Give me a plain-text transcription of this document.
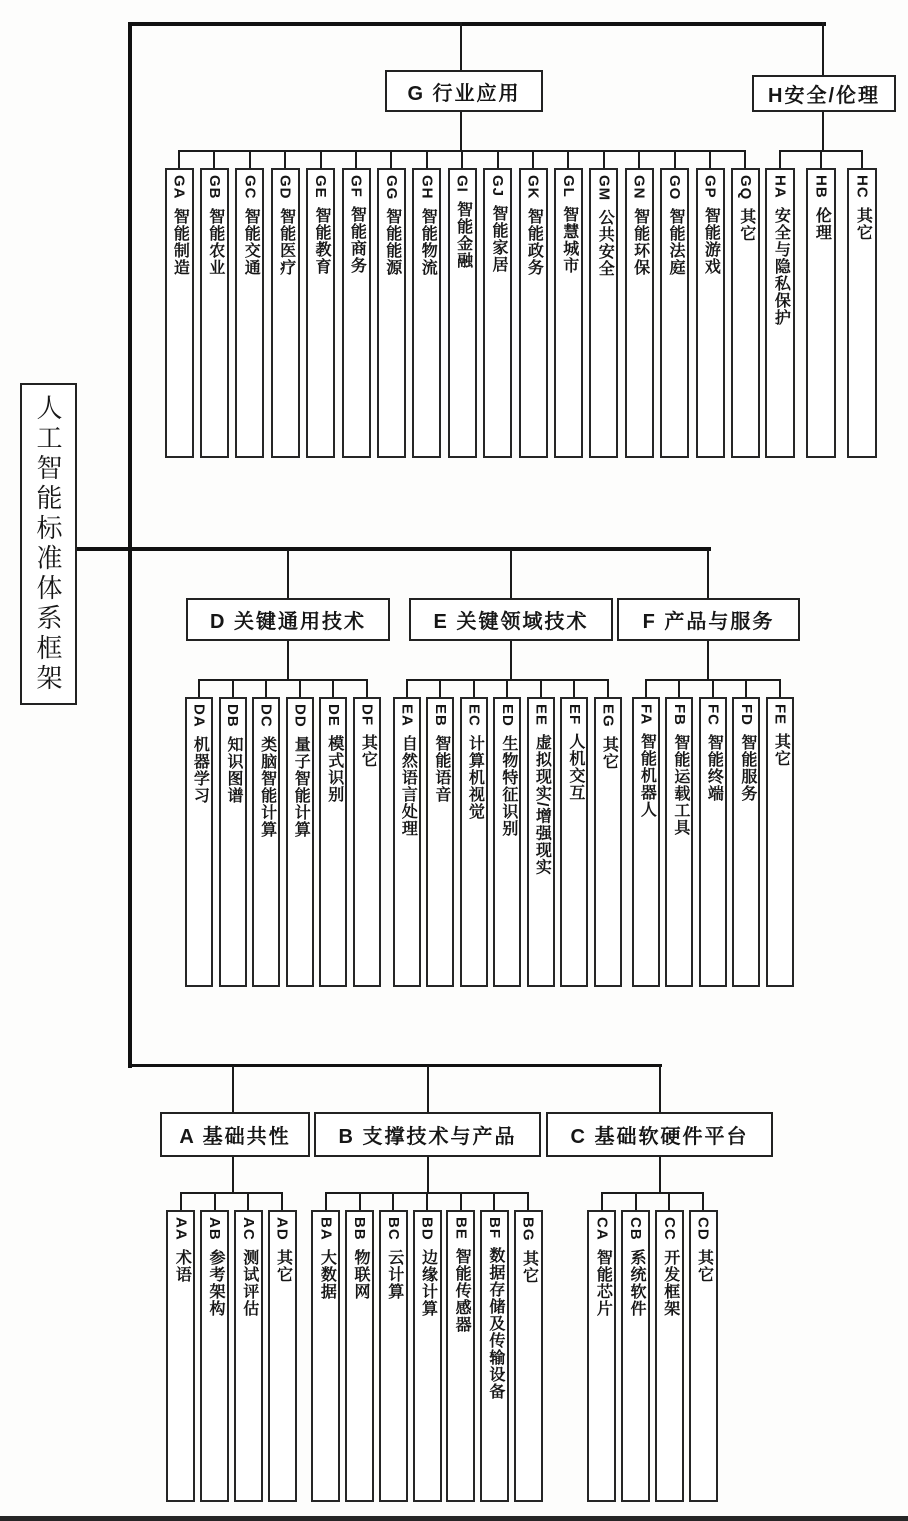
人工智能标准体系框架
G 行业应用	H安全/伦理
D 关键通用技术	E 关键领域技术	F 产品与服务
A 基础共性 B 支撑技术与产品	C 基础软硬件平台
GA
智能制造
GB
智能农业
GC
智能交通
GD
智能医疗
GE
智能教育
GF
智能商务
GG
智能能源
GH
智能物流
GI
智能金融
GJ
智能家居
GK
智能政务
GL
智慧城市
GM
公共安全
GN
智能环保
GO
智能法庭
GP
智能游戏
GQ
其它
HA
安全与隐私保护
HB
伦理
HC
其它
DA
机器学习
DB
知识图谱
DC
类脑智能计算
DD
量子智能计算
DE
模式识别
DF
其它
EA
自然语言处理
EB
智能语音
EC
计算机视觉
ED
生物特征识别
EE
虚拟现实/增强现实
EF
人机交互
EG
其它
FA
智能机器人
FB
智能运载工具
FC
智能终端
FD
智能服务
FE
其它
AA
术语
AB
参考架构
AC
测试评估
AD
其它
BA
大数据
BB
物联网
BC
云计算
BD
边缘计算
BE
智能传感器
BF
数据存储及传输设备
BG
其它
CA
智能芯片
CB
系统软件
CC
开发框架
CD
其它
